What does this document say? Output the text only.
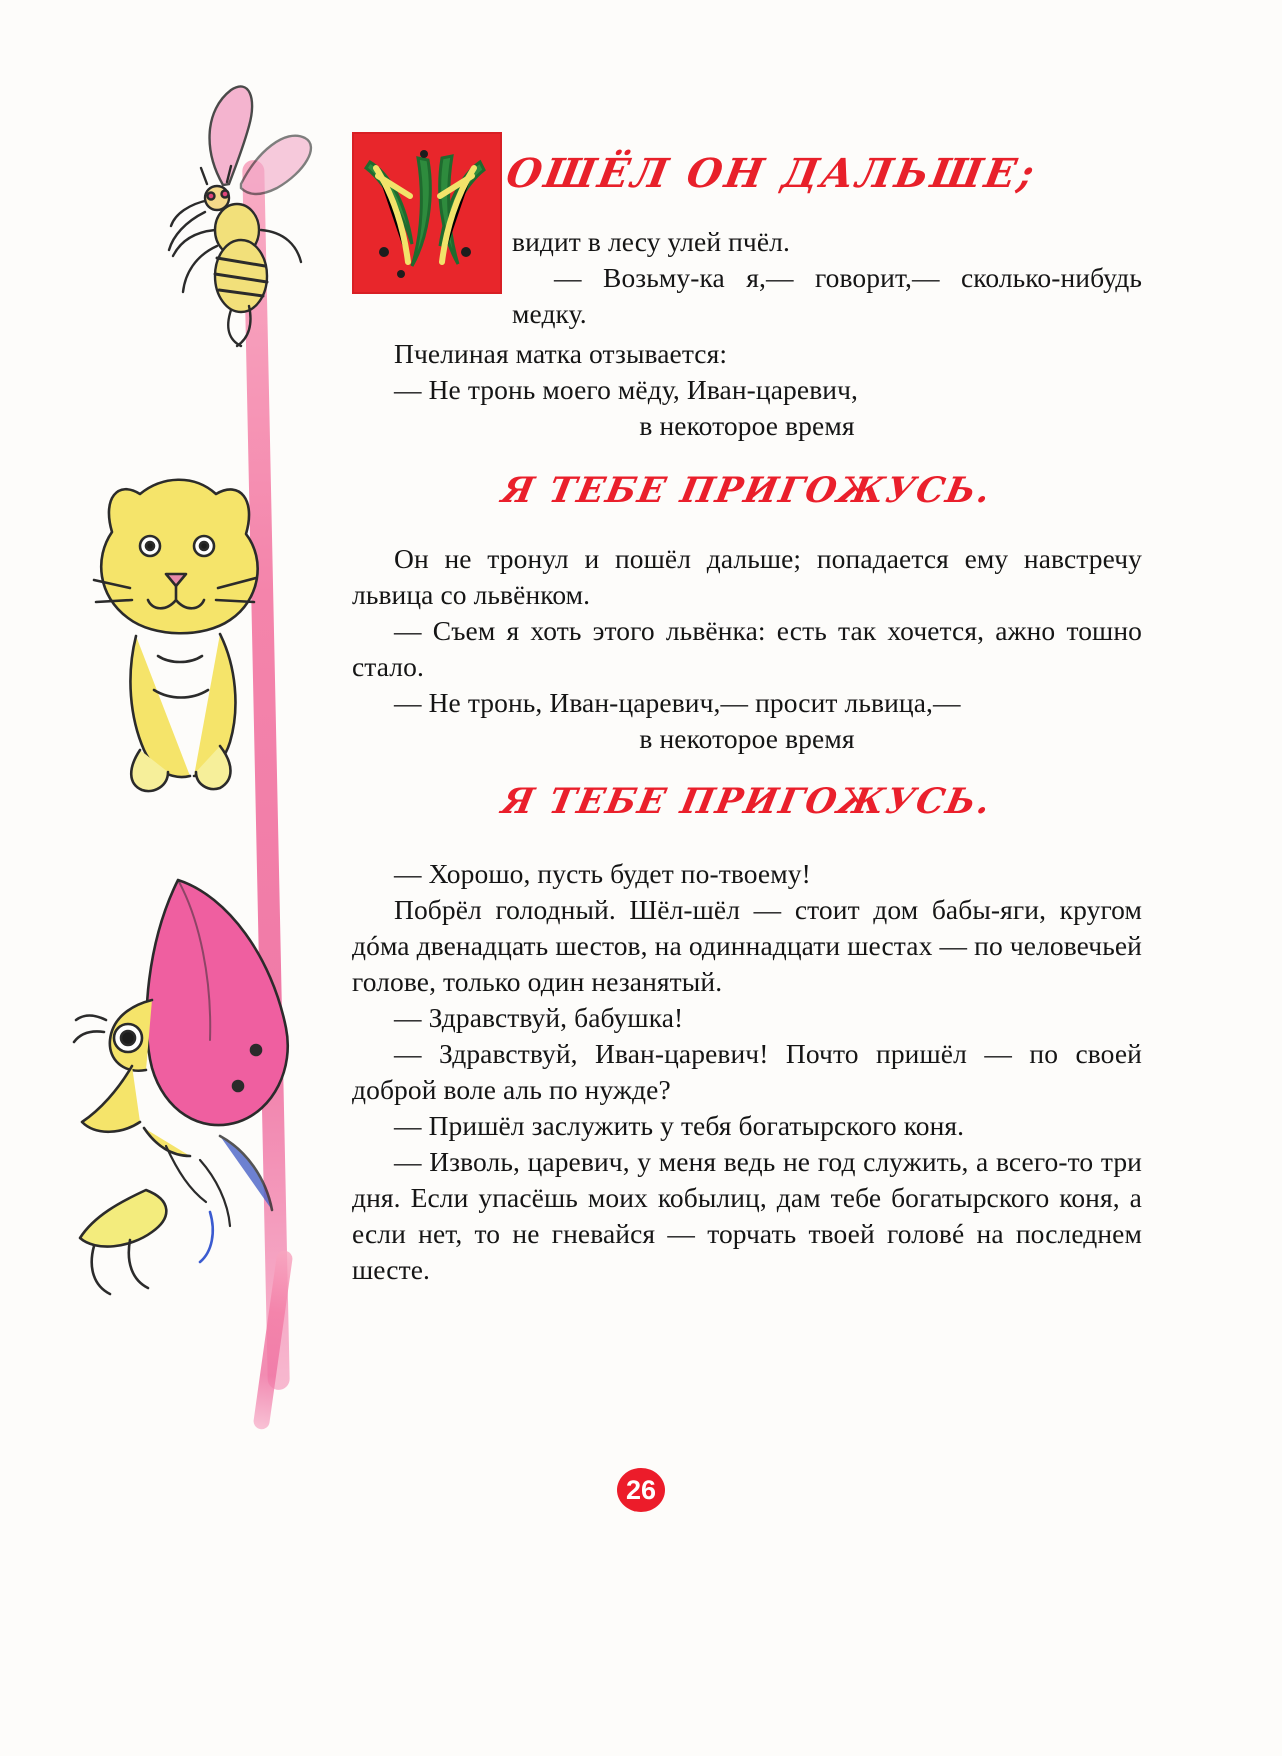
ОШЁЛ ОН ДАЛЬШЕ;

видит в лесу улей пчёл.

— Возьму-ка я,— говорит,— сколько-нибудь медку.

Пчелиная матка отзывается:

— Не тронь моего мёду, Иван-царевич,

в некоторое время

Я ТЕБЕ ПРИГОЖУСЬ.

Он не тронул и пошёл дальше; попадается ему навстречу львица со львёнком.

— Съем я хоть этого львёнка: есть так хочется, ажно тошно стало.

— Не тронь, Иван-царевич,— просит львица,—

в некоторое время

Я ТЕБЕ ПРИГОЖУСЬ.

— Хорошо, пусть будет по-твоему!

Побрёл голодный. Шёл-шёл — стоит дом бабы-яги, кругом дóма двенадцать шестов, на одиннадцати шестах — по человечьей голове, только один незанятый.

— Здравствуй, бабушка!

— Здравствуй, Иван-царевич! Почто пришёл — по своей доброй воле аль по нужде?

— Пришёл заслужить у тебя богатырского коня.

— Изволь, царевич, у меня ведь не год служить, а всего-то три дня. Если упасёшь моих кобылиц, дам тебе богатырского коня, а если нет, то не гневайся — торчать твоей головé на последнем шесте.

26
